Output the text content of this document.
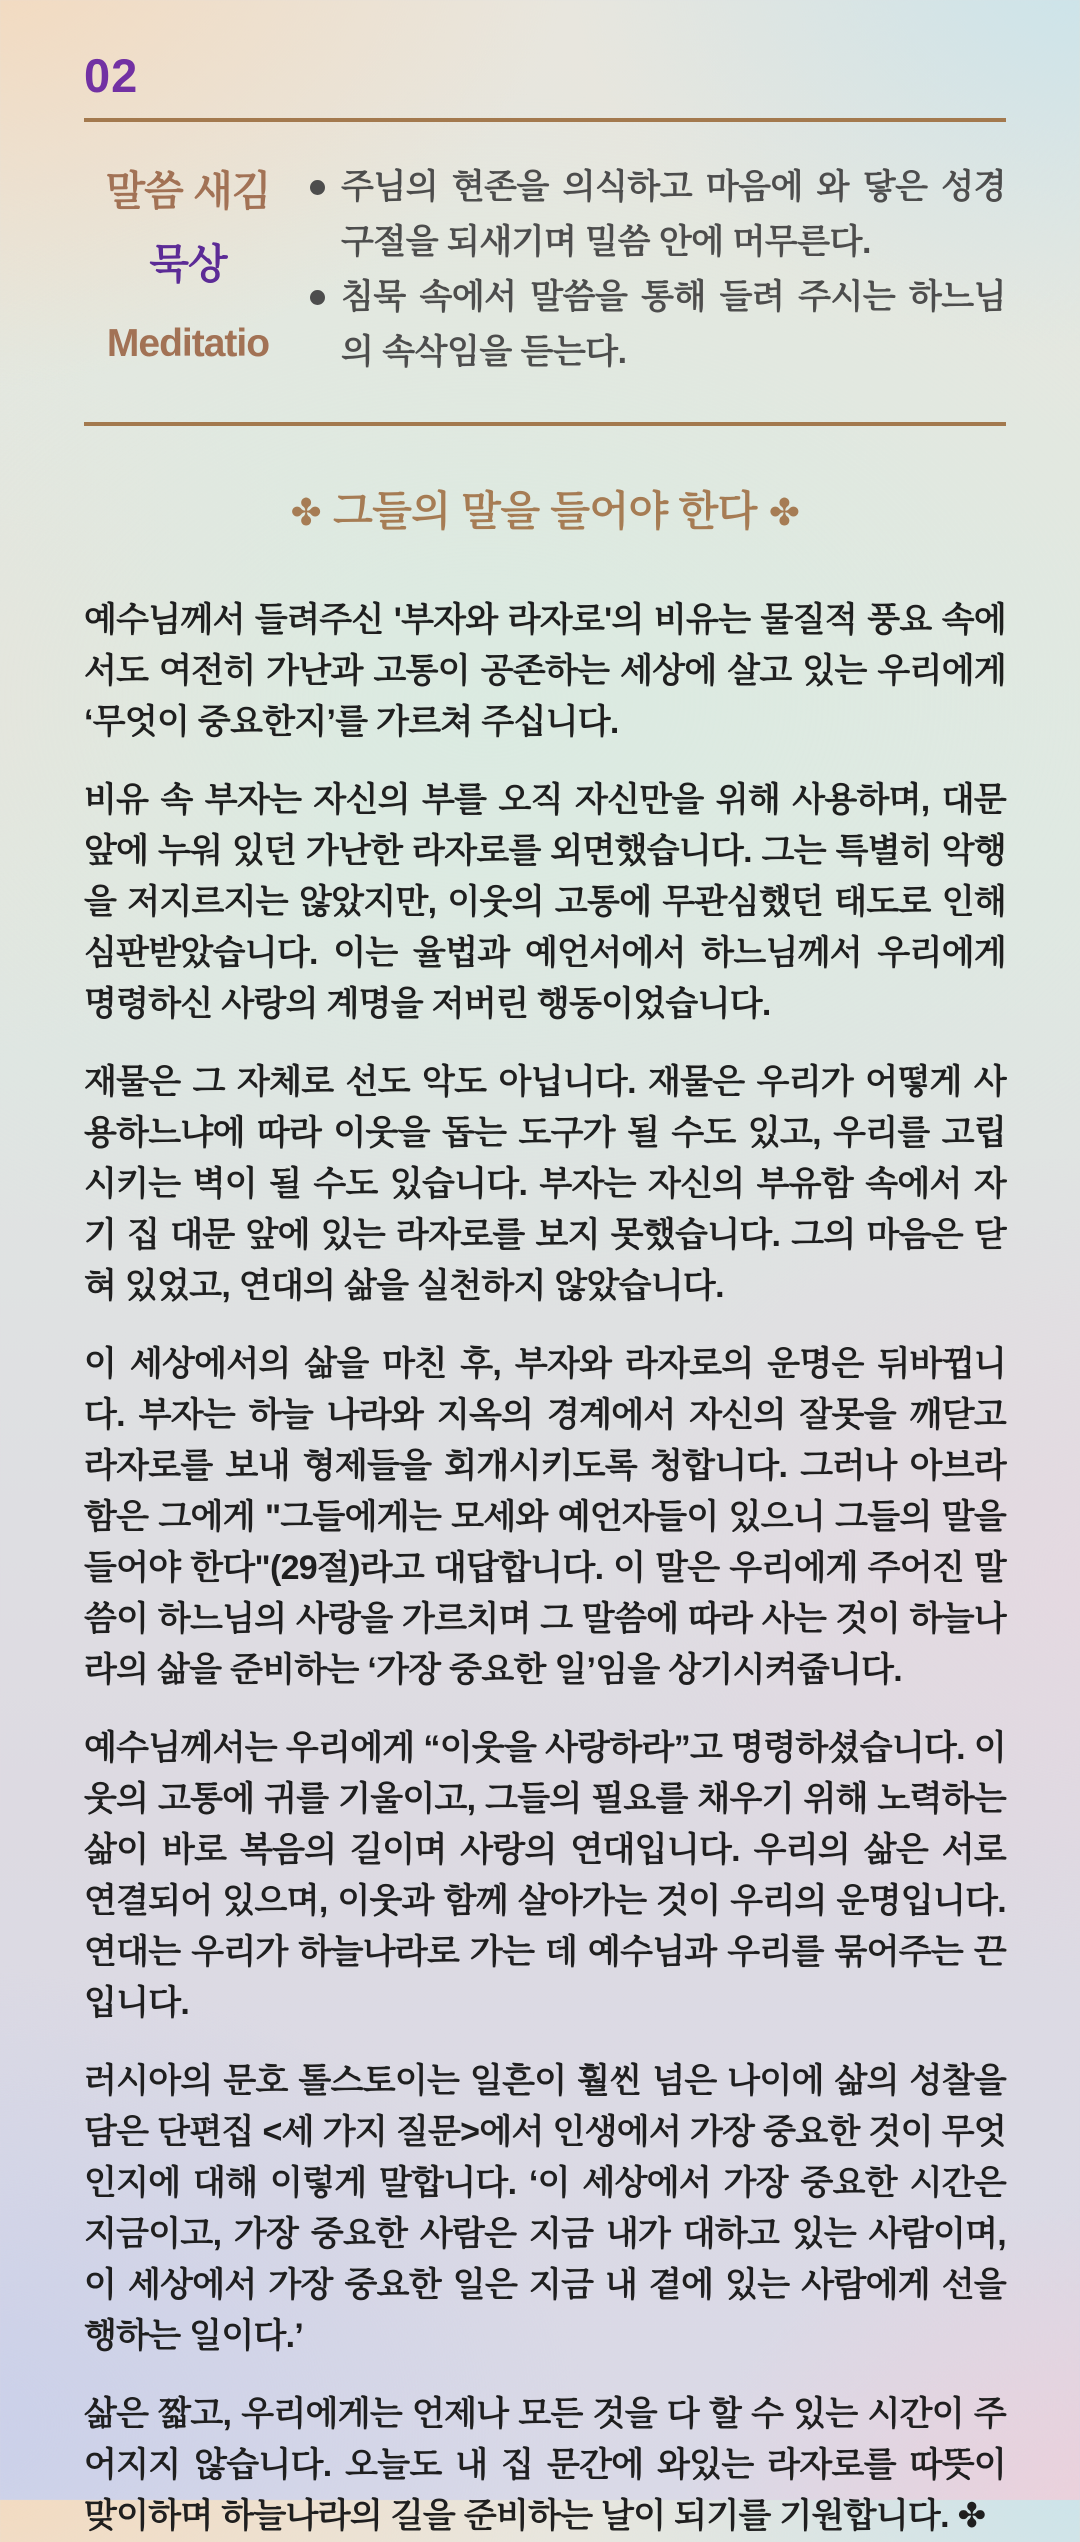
02
말씀 새김
묵상
Meditatio
주님의 현존을 의식하고 마음에 와 닿은 성경구절을 되새기며 밀씀 안에 머무른다.
침묵 속에서 말씀을 통해 들려 주시는 하느님의 속삭임을 듣는다.
✤ 그들의 말을 들어야 한다 ✤

예수님께서 들려주신 '부자와 라자로'의 비유는 물질적 풍요 속에서도 여전히 가난과 고통이 공존하는 세상에 살고 있는 우리에게 ‘무엇이 중요한지’를 가르쳐 주십니다.

비유 속 부자는 자신의 부를 오직 자신만을 위해 사용하며, 대문 앞에 누워 있던 가난한 라자로를 외면했습니다. 그는 특별히 악행을 저지르지는 않았지만, 이웃의 고통에 무관심했던 태도로 인해 심판받았습니다. 이는 율법과 예언서에서 하느님께서 우리에게 명령하신 사랑의 계명을 저버린 행동이었습니다.

재물은 그 자체로 선도 악도 아닙니다. 재물은 우리가 어떻게 사용하느냐에 따라 이웃을 돕는 도구가 될 수도 있고, 우리를 고립시키는 벽이 될 수도 있습니다. 부자는 자신의 부유함 속에서 자기 집 대문 앞에 있는 라자로를 보지 못했습니다. 그의 마음은 닫혀 있었고, 연대의 삶을 실천하지 않았습니다.

이 세상에서의 삶을 마친 후, 부자와 라자로의 운명은 뒤바뀝니다. 부자는 하늘 나라와 지옥의 경계에서 자신의 잘못을 깨닫고 라자로를 보내 형제들을 회개시키도록 청합니다. 그러나 아브라함은 그에게 "그들에게는 모세와 예언자들이 있으니 그들의 말을 들어야 한다"(29절)라고 대답합니다. 이 말은 우리에게 주어진 말씀이 하느님의 사랑을 가르치며 그 말씀에 따라 사는 것이 하늘나라의 삶을 준비하는 ‘가장 중요한 일’임을 상기시켜줍니다.

예수님께서는 우리에게 “이웃을 사랑하라”고 명령하셨습니다. 이웃의 고통에 귀를 기울이고, 그들의 필요를 채우기 위해 노력하는 삶이 바로 복음의 길이며 사랑의 연대입니다. 우리의 삶은 서로 연결되어 있으며, 이웃과 함께 살아가는 것이 우리의 운명입니다. 연대는 우리가 하늘나라로 가는 데 예수님과 우리를 묶어주는 끈입니다.

러시아의 문호 톨스토이는 일흔이 훨씬 넘은 나이에 삶의 성찰을 담은 단편집 <세 가지 질문>에서 인생에서 가장 중요한 것이 무엇인지에 대해 이렇게 말합니다. ‘이 세상에서 가장 중요한 시간은 지금이고, 가장 중요한 사람은 지금 내가 대하고 있는 사람이며, 이 세상에서 가장 중요한 일은 지금 내 곁에 있는 사람에게 선을 행하는 일이다.’

삶은 짧고, 우리에게는 언제나 모든 것을 다 할 수 있는 시간이 주어지지 않습니다. 오늘도 내 집 문간에 와있는 라자로를 따뜻이 맞이하며 하늘나라의 길을 준비하는 날이 되기를 기원합니다. ✤
